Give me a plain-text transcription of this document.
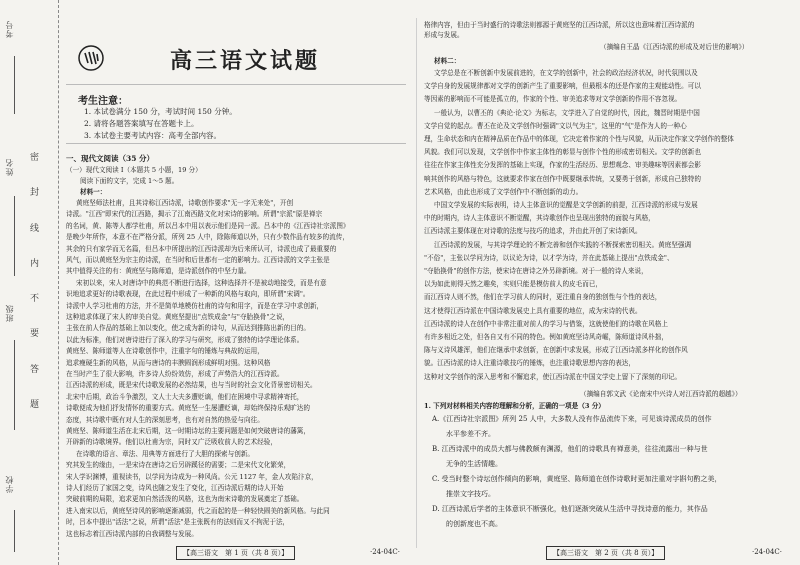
考号
姓名
班级
学校
密
封
线
内
不
要
答
题
高三语文试题
考生注意：
1. 本试卷满分 150 分，考试时间 150 分钟。
2. 请将各题答案填写在答题卡上。
3. 本试卷主要考试内容：高考全部内容。
一、现代文阅读（35 分）
（一）现代文阅读 I（本题共 5 小题，19 分）
阅读下面的文字，完成 1～5 题。
材料一：
黄庭坚师法杜甫，且其诗称江西诗派，诗歌创作要求"无一字无来处"，开创
诗派。"江西"即宋代的江西路，揭示了江南西路文化对宋诗的影响。所谓"宗派"原是禅宗
的名词，黄、陈等人都学杜甫，所以吕本中用以表示他们是同一派。吕本中的《江西诗社宗派图》
是晚少年所作，本意不在严格分派，所列 25 人中，除陈师道以外，只有少数作品有较多的流传，
其余的只有家学而无名篇，但吕本中所提出的江西诗派却为后来所认可，诗派也成了最重要的
风气，而以黄庭坚为宗主的诗派，在当时和后世都有一定的影响力。江西诗派的文学主张是
其中值得关注的有：黄庭坚与陈师道，是诗派创作的中坚力量。
宋初以来，宋人对唐诗中的典范不断进行选择，这种选择并不是被动地接受，而是有意
识地追求更好的诗歌表现，在此过程中形成了一种新的风格与取向，即所谓"宋调"。
诗派中人学习杜甫的方法，并不是简单地模仿杜甫的诗句和用字，而是在学习中求创新，
这种追求体现了宋人的审美自觉。黄庭坚提出"点铁成金"与"夺胎换骨"之说，
主张在前人作品的基础上加以变化，使之成为新的诗句，从而达到推陈出新的目的。
以此为标准，他们对唐诗进行了深入的学习与研究，形成了独特的诗学理论体系。
黄庭坚、陈师道等人在诗歌创作中，注重字句的锤炼与典故的运用，
追求瘦硬生新的风格，从而与唐诗的丰腴圆润形成鲜明对照。这种风格
在当时产生了很大影响，许多诗人纷纷效仿，形成了声势浩大的江西诗派。
江西诗派的形成，既是宋代诗歌发展的必然结果，也与当时的社会文化背景密切相关。
北宋中后期，政治斗争激烈，文人士大夫多遭贬谪，他们在困境中寻求精神寄托，
诗歌便成为他们抒发情怀的重要方式。黄庭坚一生屡遭贬谪，却始终保持乐观旷达的
态度，其诗歌中既有对人生的深刻思考，也有对自然的热爱与向往。
黄庭坚、陈师道生活在北宋后期，这一时期诗坛的主要问题是如何突破唐诗的藩篱，
开辟新的诗歌境界。他们以杜甫为宗，同时又广泛吸收前人的艺术经验，
在诗歌的语言、章法、用典等方面进行了大胆的探索与创新。
究其发生的缘由，一是宋诗在唐诗之后另辟蹊径的需要；二是宋代文化繁荣，
宋人学识渊博，重视读书，以学问为诗成为一种风尚。公元 1127 年，金人攻陷汴京，
诗人们经历了家国之变，诗风也随之发生了变化，江西诗派后期的诗人开始
突破前期的局限，追求更加自然活泼的风格，这也为南宋诗歌的发展奠定了基础。
进入南宋以后，黄庭坚诗风的影响逐渐减弱，代之而起的是一种轻快圆美的新风格。与此同
时，吕本中提出"活法"之说，所谓"活法"是主张既有的法则而又不拘泥于法，
这也标志着江西诗派内部的自我调整与发展。
【高三语文　第 1 页（共 8 页）】	·24-04C·
格律内容，但由于当时盛行的诗歌法则都源于黄庭坚的江西诗派，所以这也意味着江西诗派的
形成与发展。
（摘编自王晶《江西诗派的形成及对后世的影响》）
材料二：
文学总是在不断创新中发展前进的，在文学的创新中，社会的政治经济状况，时代氛围以及
文学自身的发展规律都对文学的创新产生了重要影响，但最根本的还是作家的主观能动性。可以
等因素的影响而不可能是孤立的，作家的个性、审美追求等对文学创新的作用不容忽视。
一般认为，以曹丕的《典论·论文》为标志，文学进入了自觉的时代，因此，魏晋时期是中国
文学自觉的起点。曹丕在论及文学创作时强调"文以气为主"，这里的"气"是作为人的一种心
理，生命状态和内在精神品质在作品中的体现，它决定着作家的个性与风貌，从而决定作家文学创作的整体
风貌。我们可以发现，文学创作中作家主体性的彰显与创作个性的形成密切相关。文学的创新也
往往在作家主体性充分发挥的基础上实现，作家的生活经历、思想观念、审美趣味等因素都会影
响其创作的风格与特色，这就要求作家在创作中既要继承传统，又要勇于创新，形成自己独特的
艺术风格，由此也形成了文学创作中不断创新的动力。
中国文学发展的实际表明，诗人主体意识的觉醒是文学创新的前提，江西诗派的形成与发展
中的时期内，诗人主体意识不断觉醒，其诗歌创作也呈现出独特的面貌与风格，
江西诗派主要体现在对诗歌的法度与技巧的追求，并由此开创了宋诗新风。
江西诗派的发展，与其诗学理论的不断完善和创作实践的不断探索密切相关。黄庭坚强调
"不俗"，主张以学问为诗，以议论为诗，以才学为诗，并在此基础上提出"点铁成金"、
"夺胎换骨"的创作方法，使宋诗在唐诗之外另辟新境。对于一般的诗人来说，
以为如此则得天然之趣矣，实则只能是模仿前人的皮毛而已，
而江西诗人则不然，他们在学习前人的同时，更注重自身的独创性与个性的表达，
这才使得江西诗派在中国诗歌发展史上具有重要的地位，成为宋诗的代表。
江西诗派的诗人在创作中非常注重对前人的学习与借鉴，这就使他们的诗歌在风格上
有许多相近之处，但各自又有不同的特色。例如黄庭坚诗风奇崛，陈师道诗风朴拙，
陈与义诗风雄浑，他们在继承中求创新，在创新中求发展，形成了江西诗派多样化的创作风
貌。江西诗派的诗人注重诗歌技巧的锤炼，也注重诗歌思想内容的表达，
这种对文学创作的深入思考和不懈追求，使江西诗派在中国文学史上留下了深刻的印记。
（摘编自郭文武《论南宋中兴诗人对江西诗派的超越》）
1. 下列对材料相关内容的理解和分析，正确的一项是（3 分）
A.《江西诗社宗派图》所列 25 人中，大多数人没有作品流传下来，可见该诗派成员的创作
水平参差不齐。
B. 江西诗派中的成员大都与佛教颇有渊源，他们的诗歌具有禅意美，往往流露出一种与世
无争的生活情趣。
C. 受当时整个诗坛创作倾向的影响，黄庭坚、陈师道在创作诗歌时更加注重对字斟句酌之美，
推崇文字技巧。
D. 江西诗派后学者的主体意识不断强化，他们逐渐突破从生活中寻找诗意的能力，其作品
的创新度也不高。
【高三语文　第 2 页（共 8 页）】	·24-04C·
